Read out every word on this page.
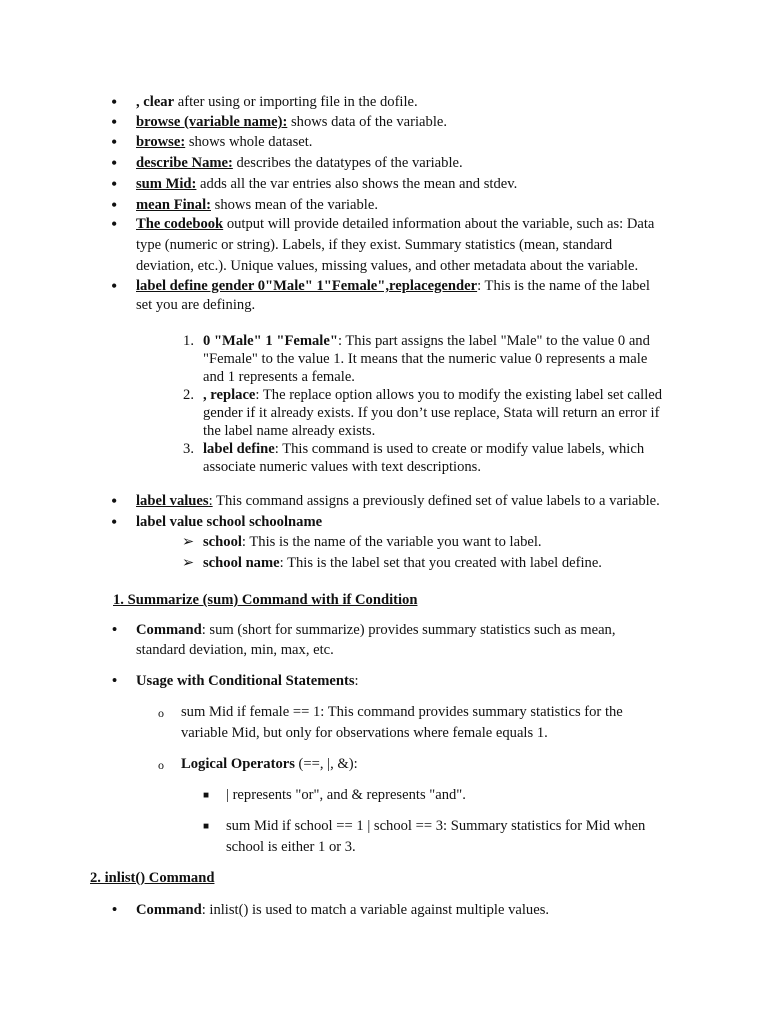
• , clear after using or importing file in the dofile.
• browse (variable name): shows data of the variable.
• browse: shows whole dataset.
• describe Name: describes the datatypes of the variable.
• sum Mid: adds all the var entries also shows the mean and stdev.
• mean Final: shows mean of the variable.
• The codebook output will provide detailed information about the variable, such as: Data
type (numeric or string). Labels, if they exist. Summary statistics (mean, standard
deviation, etc.). Unique values, missing values, and other metadata about the variable.
• label define gender 0"Male" 1"Female",replacegender: This is the name of the label
set you are defining.
1. 0 "Male" 1 "Female": This part assigns the label "Male" to the value 0 and
"Female" to the value 1. It means that the numeric value 0 represents a male
and 1 represents a female.
2. , replace: The replace option allows you to modify the existing label set called
gender if it already exists. If you don’t use replace, Stata will return an error if
the label name already exists.
3. label define: This command is used to create or modify value labels, which
associate numeric values with text descriptions.
• label values: This command assigns a previously defined set of value labels to a variable.
• label value school schoolname
➢ school: This is the name of the variable you want to label.
➢ school name: This is the label set that you created with label define.
1. Summarize (sum) Command with if Condition
• Command: sum (short for summarize) provides summary statistics such as mean,
standard deviation, min, max, etc.
• Usage with Conditional Statements:
o sum Mid if female == 1: This command provides summary statistics for the
variable Mid, but only for observations where female equals 1.
o Logical Operators (==, |, &):
■ | represents "or", and & represents "and".
■ sum Mid if school == 1 | school == 3: Summary statistics for Mid when
school is either 1 or 3.
2. inlist() Command
• Command: inlist() is used to match a variable against multiple values.
